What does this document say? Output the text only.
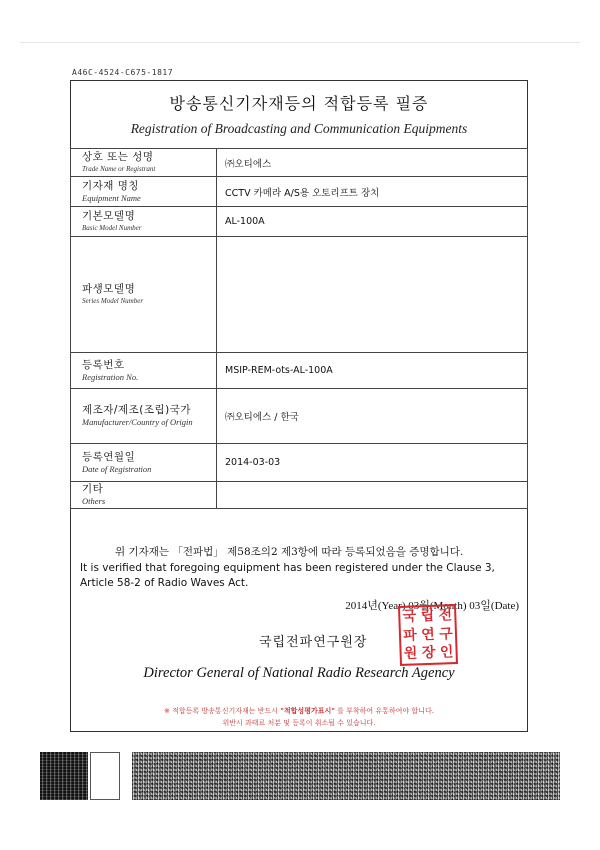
A46C-4524-C675-1817
방송통신기자재등의 적합등록 필증
Registration of Broadcasting and Communication Equipments
상호 또는 성명
Trade Name or Registrant	㈜오티에스

기자재 명칭
Equipment Name	CCTV 카메라 A/S용 오토리프트 장치

기본모델명
Basic Model Number	AL-100A

파생모델명
Series Model Number	

등록번호
Registration No.	MSIP-REM-ots-AL-100A

제조자/제조(조립)국가
Manufacturer/Country of Origin	㈜오티에스 / 한국

등록연월일
Date of Registration	2014-03-03

기타
Others	

위 기자재는 「전파법」 제58조의2 제3항에 따라 등록되었음을 증명합니다.
It is verified that foregoing equipment has been registered under the Clause 3, Article 58-2 of Radio Waves Act.
2014년(Year) 03월(Month) 03일(Date)
국립전파연구원장
국 립 전
파 연 구
원 장 인
Director General of National Radio Research Agency
※ 적합등록 방송통신기자재는 반드시 "적합성평가표시" 를 부착하여 유통하여야 합니다.
위반시 과태료 처분 및 등록이 취소될 수 있습니다.
